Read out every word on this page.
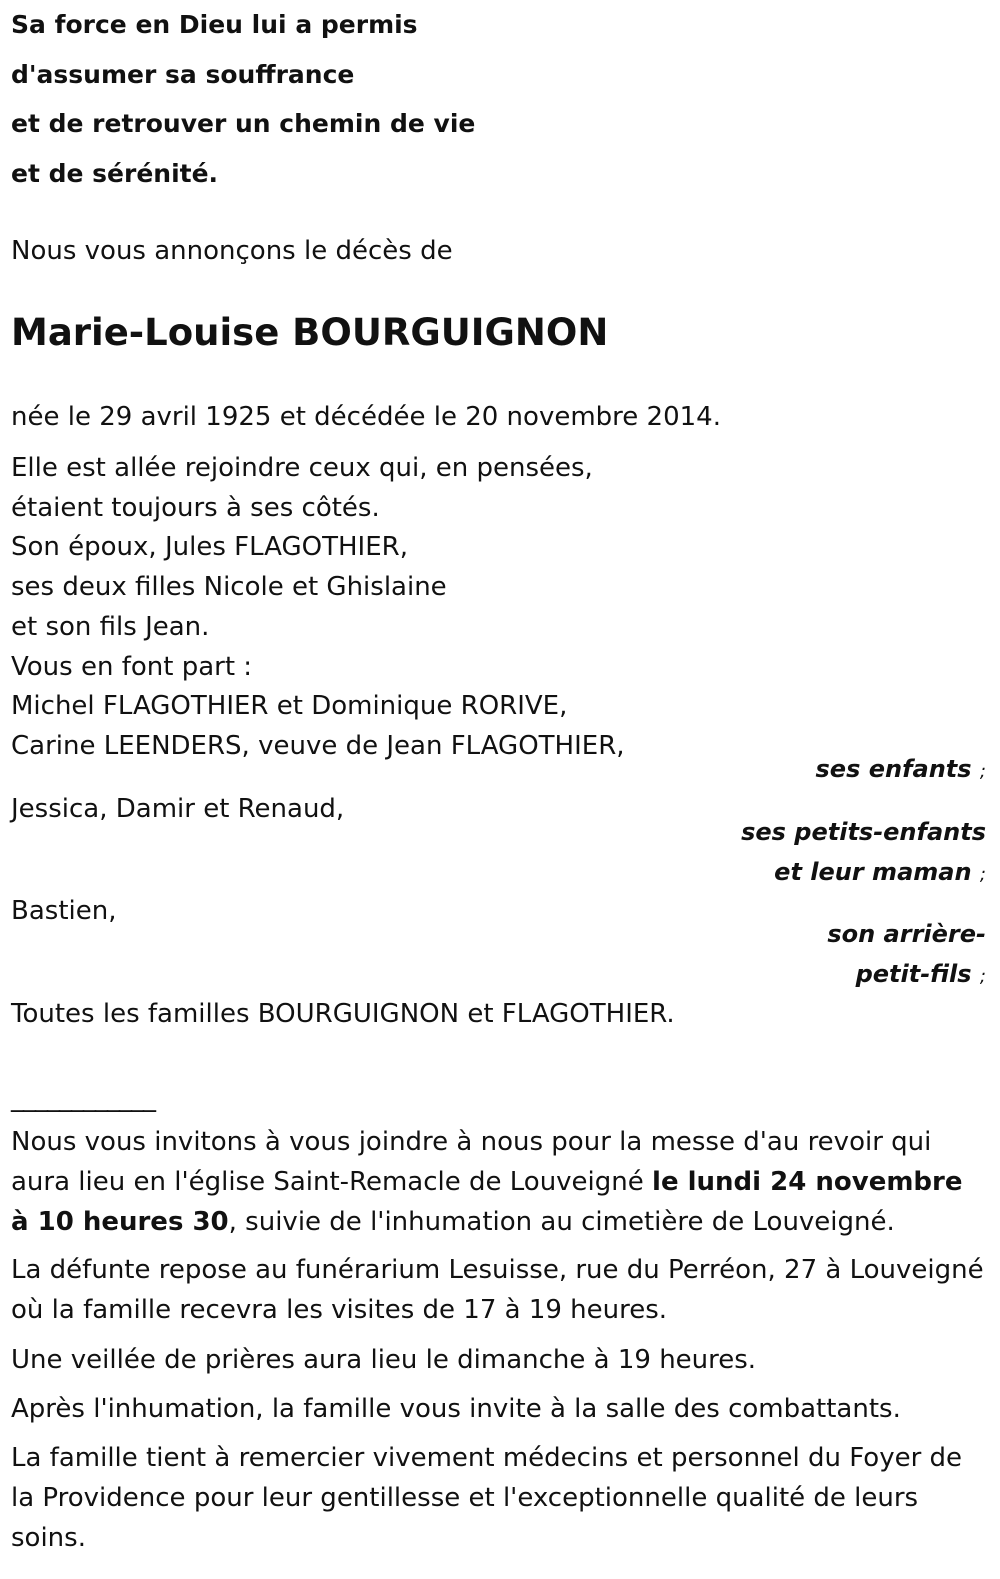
Sa force en Dieu lui a permis
d'assumer sa souffrance
et de retrouver un chemin de vie
et de sérénité.
Nous vous annonçons le décès de
Marie-Louise BOURGUIGNON
née le 29 avril 1925 et décédée le 20 novembre 2014.
Elle est allée rejoindre ceux qui, en pensées,
étaient toujours à ses côtés.
Son époux, Jules FLAGOTHIER,
ses deux filles Nicole et Ghislaine
et son fils Jean.
Vous en font part :
Michel FLAGOTHIER et Dominique RORIVE,
Carine LEENDERS, veuve de Jean FLAGOTHIER,
ses enfants ;
Jessica, Damir et Renaud,
ses petits-enfants
et leur maman ;
Bastien,
son arrière-
petit-fils ;
Toutes les familles BOURGUIGNON et FLAGOTHIER.
____________
Nous vous invitons à vous joindre à nous pour la messe d'au revoir qui aura lieu en l'église Saint-Remacle de Louveigné le lundi 24 novembre à 10 heures 30, suivie de l'inhumation au cimetière de Louveigné.
La défunte repose au funérarium Lesuisse, rue du Perréon, 27 à Louveigné où la famille recevra les visites de 17 à 19 heures.
Une veillée de prières aura lieu le dimanche à 19 heures.
Après l'inhumation, la famille vous invite à la salle des combattants.
La famille tient à remercier vivement médecins et personnel du Foyer de la Providence pour leur gentillesse et l'exceptionnelle qualité de leurs soins.
